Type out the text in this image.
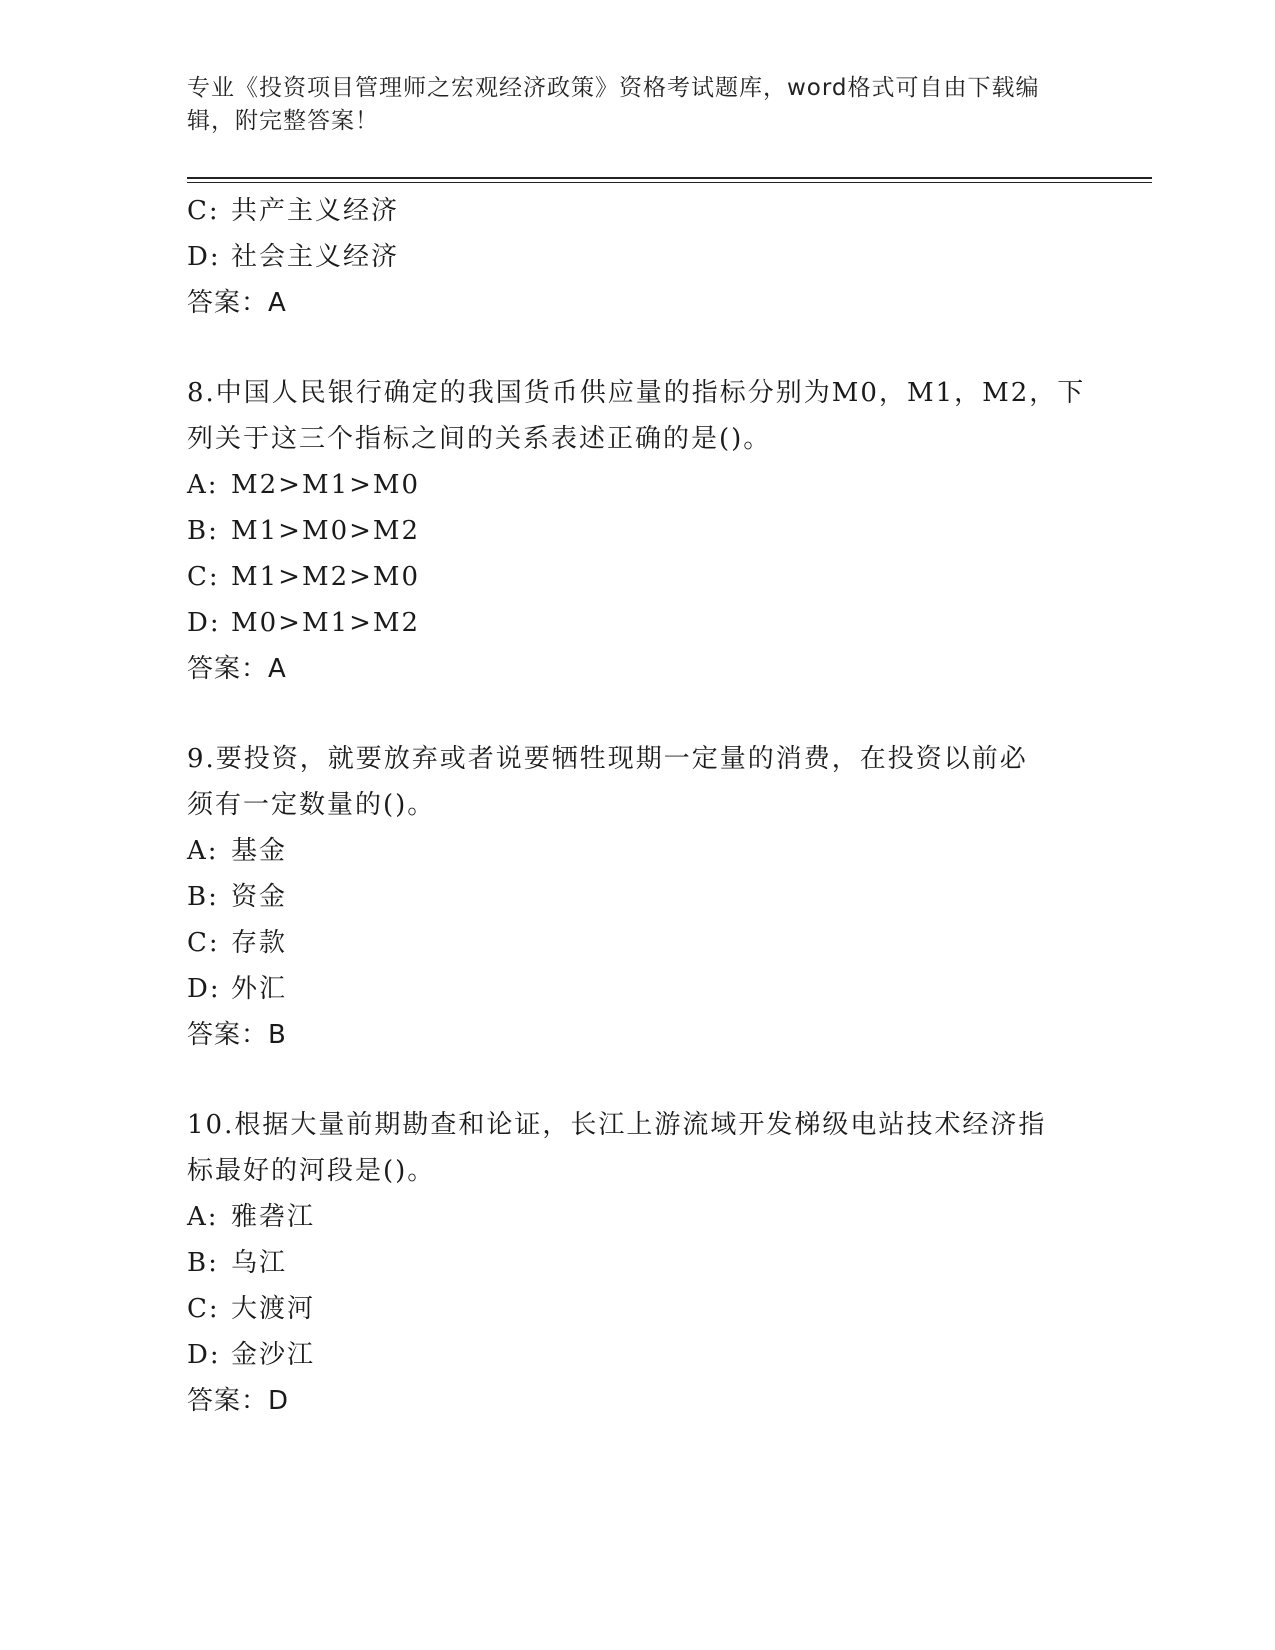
专业《投资项目管理师之宏观经济政策》资格考试题库，word格式可自由下载编辑，附完整答案！
C: 共产主义经济
D: 社会主义经济
答案：A
8.中国人民银行确定的我国货币供应量的指标分别为M0，M1，M2，下
列关于这三个指标之间的关系表述正确的是()。
A: M2>M1>M0
B: M1>M0>M2
C: M1>M2>M0
D: M0>M1>M2
答案：A
9.要投资，就要放弃或者说要牺牲现期一定量的消费，在投资以前必
须有一定数量的()。
A: 基金
B: 资金
C: 存款
D: 外汇
答案：B
10.根据大量前期勘查和论证，长江上游流域开发梯级电站技术经济指
标最好的河段是()。
A: 雅砻江
B: 乌江
C: 大渡河
D: 金沙江
答案：D
